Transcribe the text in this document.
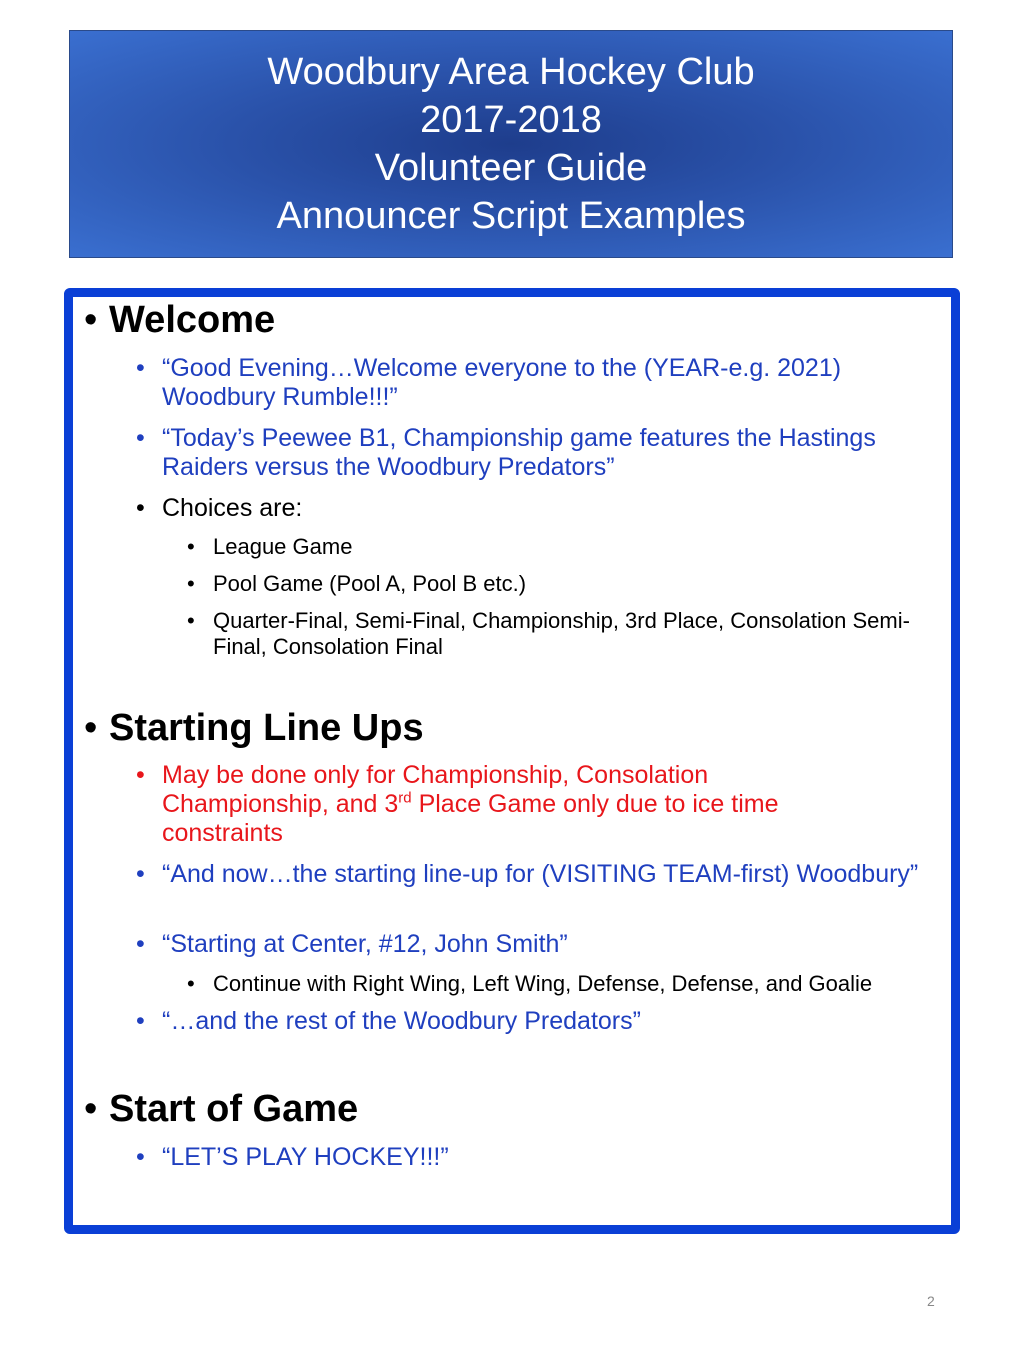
Woodbury Area Hockey Club
2017-2018
Volunteer Guide
Announcer Script Examples
• Welcome
• “Good Evening…Welcome everyone to the (YEAR-e.g. 2021) Woodbury Rumble!!!”
• “Today’s Peewee B1, Championship game features the Hastings Raiders versus the Woodbury Predators”
• Choices are:
• League Game
• Pool Game (Pool A, Pool B etc.)
• Quarter-Final, Semi-Final, Championship, 3rd Place, Consolation Semi-Final, Consolation Final
• Starting Line Ups
• May be done only for Championship, Consolation Championship, and 3rd Place Game only due to ice time constraints
• “And now…the starting line-up for (VISITING TEAM-first) Woodbury”
• “Starting at Center, #12, John Smith”
• Continue with Right Wing, Left Wing, Defense, Defense, and Goalie
• “…and the rest of the Woodbury Predators”
• Start of Game
• “LET’S PLAY HOCKEY!!!”
2
